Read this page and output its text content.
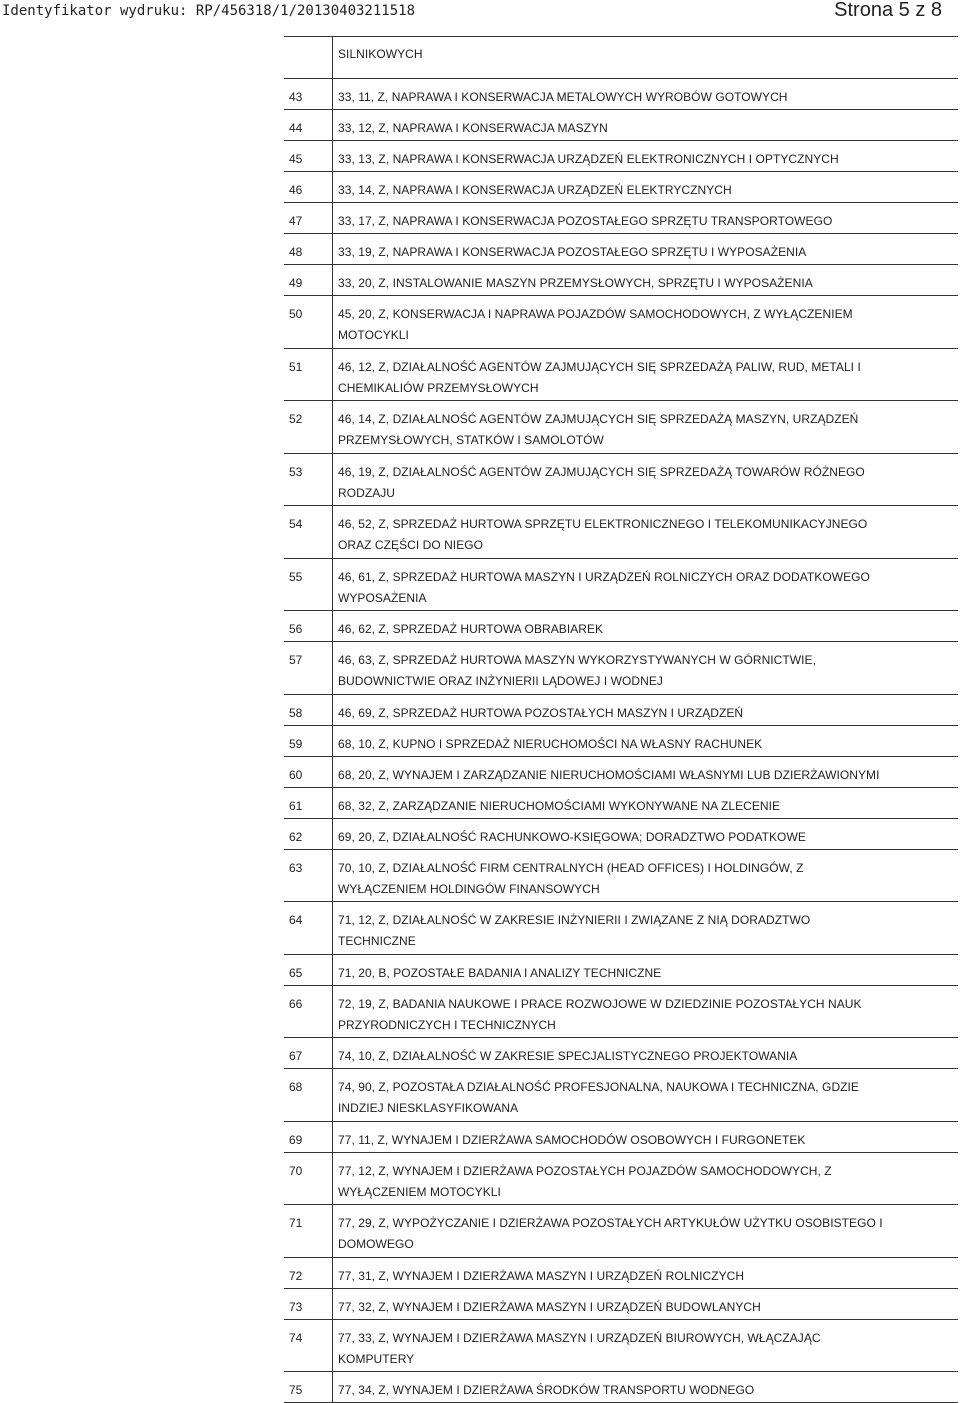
Identyfikator wydruku: RP/456318/1/20130403211518	Strona 5 z 8
SILNIKOWYCH
43	33, 11, Z, NAPRAWA I KONSERWACJA METALOWYCH WYROBÓW GOTOWYCH
44	33, 12, Z, NAPRAWA I KONSERWACJA MASZYN
45	33, 13, Z, NAPRAWA I KONSERWACJA URZĄDZEŃ ELEKTRONICZNYCH I OPTYCZNYCH
46	33, 14, Z, NAPRAWA I KONSERWACJA URZĄDZEŃ ELEKTRYCZNYCH
47	33, 17, Z, NAPRAWA I KONSERWACJA POZOSTAŁEGO SPRZĘTU TRANSPORTOWEGO
48	33, 19, Z, NAPRAWA I KONSERWACJA POZOSTAŁEGO SPRZĘTU I WYPOSAŻENIA
49	33, 20, Z, INSTALOWANIE MASZYN PRZEMYSŁOWYCH, SPRZĘTU I WYPOSAŻENIA
50	45, 20, Z, KONSERWACJA I NAPRAWA POJAZDÓW SAMOCHODOWYCH, Z WYŁĄCZENIEM
MOTOCYKLI
51	46, 12, Z, DZIAŁALNOŚĆ AGENTÓW ZAJMUJĄCYCH SIĘ SPRZEDAŻĄ PALIW, RUD, METALI I
CHEMIKALIÓW PRZEMYSŁOWYCH
52	46, 14, Z, DZIAŁALNOŚĆ AGENTÓW ZAJMUJĄCYCH SIĘ SPRZEDAŻĄ MASZYN, URZĄDZEŃ
PRZEMYSŁOWYCH, STATKÓW I SAMOLOTÓW
53	46, 19, Z, DZIAŁALNOŚĆ AGENTÓW ZAJMUJĄCYCH SIĘ SPRZEDAŻĄ TOWARÓW RÓŻNEGO
RODZAJU
54	46, 52, Z, SPRZEDAŻ HURTOWA SPRZĘTU ELEKTRONICZNEGO I TELEKOMUNIKACYJNEGO
ORAZ CZĘŚCI DO NIEGO
55	46, 61, Z, SPRZEDAŻ HURTOWA MASZYN I URZĄDZEŃ ROLNICZYCH ORAZ DODATKOWEGO
WYPOSAŻENIA
56	46, 62, Z, SPRZEDAŻ HURTOWA OBRABIAREK
57	46, 63, Z, SPRZEDAŻ HURTOWA MASZYN WYKORZYSTYWANYCH W GÓRNICTWIE,
BUDOWNICTWIE ORAZ INŻYNIERII LĄDOWEJ I WODNEJ
58	46, 69, Z, SPRZEDAŻ HURTOWA POZOSTAŁYCH MASZYN I URZĄDZEŃ
59	68, 10, Z, KUPNO I SPRZEDAŻ NIERUCHOMOŚCI NA WŁASNY RACHUNEK
60	68, 20, Z, WYNAJEM I ZARZĄDZANIE NIERUCHOMOŚCIAMI WŁASNYMI LUB DZIERŻAWIONYMI
61	68, 32, Z, ZARZĄDZANIE NIERUCHOMOŚCIAMI WYKONYWANE NA ZLECENIE
62	69, 20, Z, DZIAŁALNOŚĆ RACHUNKOWO-KSIĘGOWA; DORADZTWO PODATKOWE
63	70, 10, Z, DZIAŁALNOŚĆ FIRM CENTRALNYCH (HEAD OFFICES) I HOLDINGÓW, Z
WYŁĄCZENIEM HOLDINGÓW FINANSOWYCH
64	71, 12, Z, DZIAŁALNOŚĆ W ZAKRESIE INŻYNIERII I ZWIĄZANE Z NIĄ DORADZTWO
TECHNICZNE
65	71, 20, B, POZOSTAŁE BADANIA I ANALIZY TECHNICZNE
66	72, 19, Z, BADANIA NAUKOWE I PRACE ROZWOJOWE W DZIEDZINIE POZOSTAŁYCH NAUK
PRZYRODNICZYCH I TECHNICZNYCH
67	74, 10, Z, DZIAŁALNOŚĆ W ZAKRESIE SPECJALISTYCZNEGO PROJEKTOWANIA
68	74, 90, Z, POZOSTAŁA DZIAŁALNOŚĆ PROFESJONALNA, NAUKOWA I TECHNICZNA, GDZIE
INDZIEJ NIESKLASYFIKOWANA
69	77, 11, Z, WYNAJEM I DZIERŻAWA SAMOCHODÓW OSOBOWYCH I FURGONETEK
70	77, 12, Z, WYNAJEM I DZIERŻAWA POZOSTAŁYCH POJAZDÓW SAMOCHODOWYCH, Z
WYŁĄCZENIEM MOTOCYKLI
71	77, 29, Z, WYPOŻYCZANIE I DZIERŻAWA POZOSTAŁYCH ARTYKUŁÓW UŻYTKU OSOBISTEGO I
DOMOWEGO
72	77, 31, Z, WYNAJEM I DZIERŻAWA MASZYN I URZĄDZEŃ ROLNICZYCH
73	77, 32, Z, WYNAJEM I DZIERŻAWA MASZYN I URZĄDZEŃ BUDOWLANYCH
74	77, 33, Z, WYNAJEM I DZIERŻAWA MASZYN I URZĄDZEŃ BIUROWYCH, WŁĄCZAJĄC
KOMPUTERY
75	77, 34, Z, WYNAJEM I DZIERŻAWA ŚRODKÓW TRANSPORTU WODNEGO
